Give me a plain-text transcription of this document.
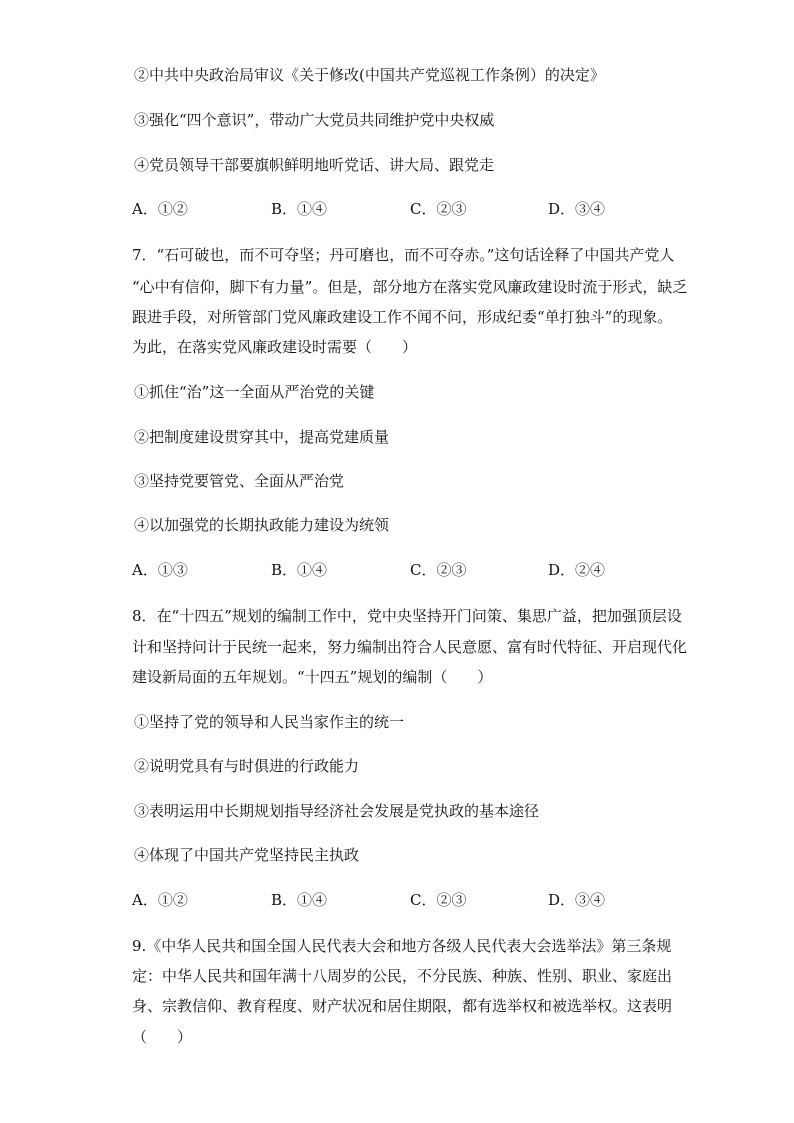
②中共中央政治局审议《关于修改(中国共产党巡视工作条例）的决定》
③强化“四个意识”，带动广大党员共同维护党中央权威
④党员领导干部要旗帜鲜明地听党话、讲大局、跟党走
A．①②	B．①④	C．②③	D．③④
7．“石可破也，而不可夺坚；丹可磨也，而不可夺赤。”这句话诠释了中国共产党人
“心中有信仰，脚下有力量”。但是，部分地方在落实党风廉政建设时流于形式，缺乏
跟进手段，对所管部门党风廉政建设工作不闻不问，形成纪委“单打独斗”的现象。
为此，在落实党风廉政建设时需要（　　）
①抓住“治”这一全面从严治党的关键
②把制度建设贯穿其中，提高党建质量
③坚持党要管党、全面从严治党
④以加强党的长期执政能力建设为统领
A．①③	B．①④	C．②③	D．②④
8．在“十四五”规划的编制工作中，党中央坚持开门问策、集思广益，把加强顶层设
计和坚持问计于民统一起来，努力编制出符合人民意愿、富有时代特征、开启现代化
建设新局面的五年规划。“十四五”规划的编制（　　）
①坚持了党的领导和人民当家作主的统一
②说明党具有与时俱进的行政能力
③表明运用中长期规划指导经济社会发展是党执政的基本途径
④体现了中国共产党坚持民主执政
A．①②	B．①④	C．②③	D．③④
9.《中华人民共和国全国人民代表大会和地方各级人民代表大会选举法》第三条规
定：中华人民共和国年满十八周岁的公民，不分民族、种族、性别、职业、家庭出
身、宗教信仰、教育程度、财产状况和居住期限，都有选举权和被选举权。这表明
（　　）
